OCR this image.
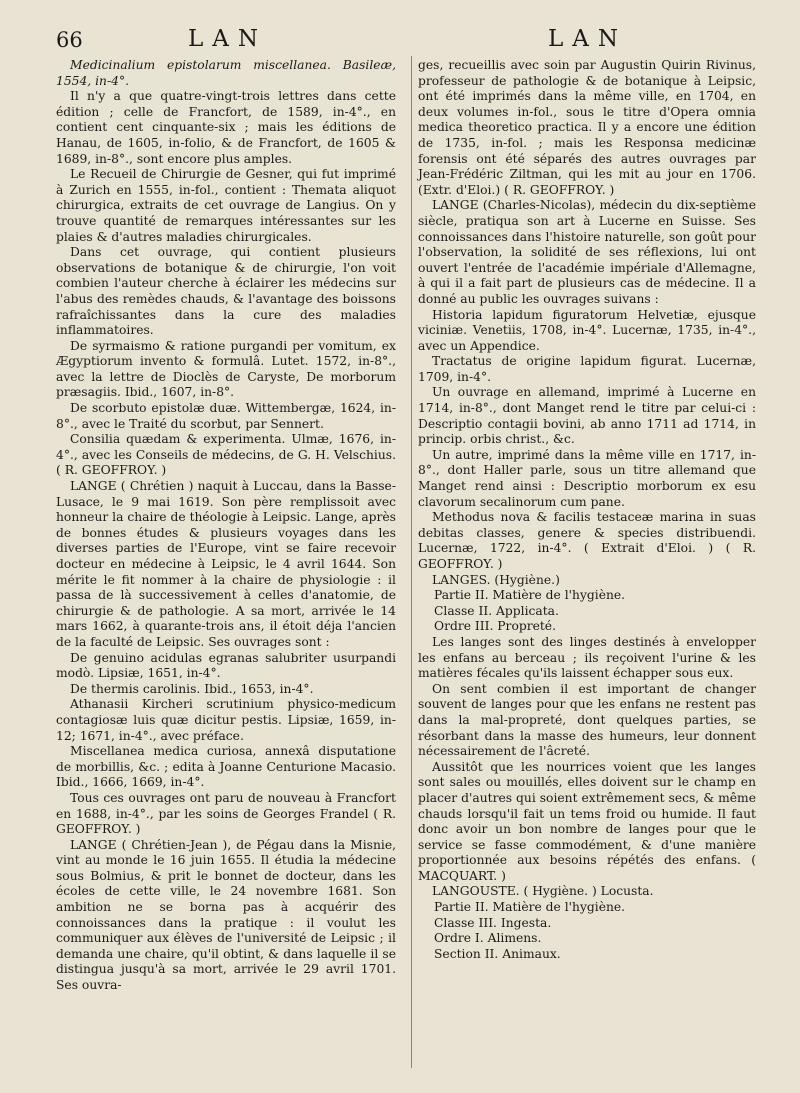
66	LAN	LAN

Medicinalium epistolarum miscellanea. Basileæ, 1554, in-4°.

Il n'y a que quatre-vingt-trois lettres dans cette édition ; celle de Francfort, de 1589, in-4°., en contient cent cinquante-six ; mais les éditions de Hanau, de 1605, in-folio, & de Francfort, de 1605 & 1689, in-8°., sont encore plus amples.

Le Recueil de Chirurgie de Gesner, qui fut imprimé à Zurich en 1555, in-fol., contient : Themata aliquot chirurgica, extraits de cet ouvrage de Langius. On y trouve quantité de remarques intéressantes sur les plaies & d'autres maladies chirurgicales.

Dans cet ouvrage, qui contient plusieurs observations de botanique & de chirurgie, l'on voit combien l'auteur cherche à éclairer les médecins sur l'abus des remèdes chauds, & l'avantage des boissons rafraîchissantes dans la cure des maladies inflammatoires.

De syrmaismo & ratione purgandi per vomitum, ex Ægyptiorum invento & formulâ. Lutet. 1572, in-8°., avec la lettre de Dioclès de Caryste, De morborum præsagiis. Ibid., 1607, in-8°.

De scorbuto epistolæ duæ. Wittembergæ, 1624, in-8°., avec le Traité du scorbut, par Sennert.

Consilia quædam & experimenta. Ulmæ, 1676, in-4°., avec les Conseils de médecins, de G. H. Velschius. ( R. GEOFFROY. )

LANGE ( Chrétien ) naquit à Luccau, dans la Basse-Lusace, le 9 mai 1619. Son père remplissoit avec honneur la chaire de théologie à Leipsic. Lange, après de bonnes études & plusieurs voyages dans les diverses parties de l'Europe, vint se faire recevoir docteur en médecine à Leipsic, le 4 avril 1644. Son mérite le fit nommer à la chaire de physiologie : il passa de là successivement à celles d'anatomie, de chirurgie & de pathologie. A sa mort, arrivée le 14 mars 1662, à quarante-trois ans, il étoit déja l'ancien de la faculté de Leipsic. Ses ouvrages sont :

De genuino acidulas egranas salubriter usurpandi modò. Lipsiæ, 1651, in-4°.

De thermis carolinis. Ibid., 1653, in-4°.

Athanasii Kircheri scrutinium physico-medicum contagiosæ luis quæ dicitur pestis. Lipsiæ, 1659, in-12; 1671, in-4°., avec préface.

Miscellanea medica curiosa, annexâ disputatione de morbillis, &c. ; edita à Joanne Centurione Macasio. Ibid., 1666, 1669, in-4°.

Tous ces ouvrages ont paru de nouveau à Francfort en 1688, in-4°., par les soins de Georges Frandel ( R. GEOFFROY. )

LANGE ( Chrétien-Jean ), de Pégau dans la Misnie, vint au monde le 16 juin 1655. Il étudia la médecine sous Bolmius, & prit le bonnet de docteur, dans les écoles de cette ville, le 24 novembre 1681. Son ambition ne se borna pas à acquérir des connoissances dans la pratique : il voulut les communiquer aux élèves de l'université de Leipsic ; il demanda une chaire, qu'il obtint, & dans laquelle il se distingua jusqu'à sa mort, arrivée le 29 avril 1701. Ses ouvra-

ges, recueillis avec soin par Augustin Quirin Rivinus, professeur de pathologie & de botanique à Leipsic, ont été imprimés dans la même ville, en 1704, en deux volumes in-fol., sous le titre d'Opera omnia medica theoretico practica. Il y a encore une édition de 1735, in-fol. ; mais les Responsa medicinæ forensis ont été séparés des autres ouvrages par Jean-Frédéric Ziltman, qui les mit au jour en 1706. (Extr. d'Eloi.) ( R. GEOFFROY. )

LANGE (Charles-Nicolas), médecin du dix-septième siècle, pratiqua son art à Lucerne en Suisse. Ses connoissances dans l'histoire naturelle, son goût pour l'observation, la solidité de ses réflexions, lui ont ouvert l'entrée de l'académie impériale d'Allemagne, à qui il a fait part de plusieurs cas de médecine. Il a donné au public les ouvrages suivans :

Historia lapidum figuratorum Helvetiæ, ejusque viciniæ. Venetiis, 1708, in-4°. Lucernæ, 1735, in-4°., avec un Appendice.

Tractatus de origine lapidum figurat. Lucernæ, 1709, in-4°.

Un ouvrage en allemand, imprimé à Lucerne en 1714, in-8°., dont Manget rend le titre par celui-ci : Descriptio contagii bovini, ab anno 1711 ad 1714, in princip. orbis christ., &c.

Un autre, imprimé dans la même ville en 1717, in-8°., dont Haller parle, sous un titre allemand que Manget rend ainsi : Descriptio morborum ex esu clavorum secalinorum cum pane.

Methodus nova & facilis testaceæ marina in suas debitas classes, genere & species distribuendi. Lucernæ, 1722, in-4°. ( Extrait d'Eloi. ) ( R. GEOFFROY. )

LANGES. (Hygiène.)

Partie II. Matière de l'hygiène.

Classe II. Applicata.

Ordre III. Propreté.

Les langes sont des linges destinés à envelopper les enfans au berceau ; ils reçoivent l'urine & les matières fécales qu'ils laissent échapper sous eux.

On sent combien il est important de changer souvent de langes pour que les enfans ne restent pas dans la mal-propreté, dont quelques parties, se résorbant dans la masse des humeurs, leur donnent nécessairement de l'âcreté.

Aussitôt que les nourrices voient que les langes sont sales ou mouillés, elles doivent sur le champ en placer d'autres qui soient extrêmement secs, & même chauds lorsqu'il fait un tems froid ou humide. Il faut donc avoir un bon nombre de langes pour que le service se fasse commodément, & d'une manière proportionnée aux besoins répétés des enfans. ( MACQUART. )

LANGOUSTE. ( Hygiène. ) Locusta.

Partie II. Matière de l'hygiène.

Classe III. Ingesta.

Ordre I. Alimens.

Section II. Animaux.
